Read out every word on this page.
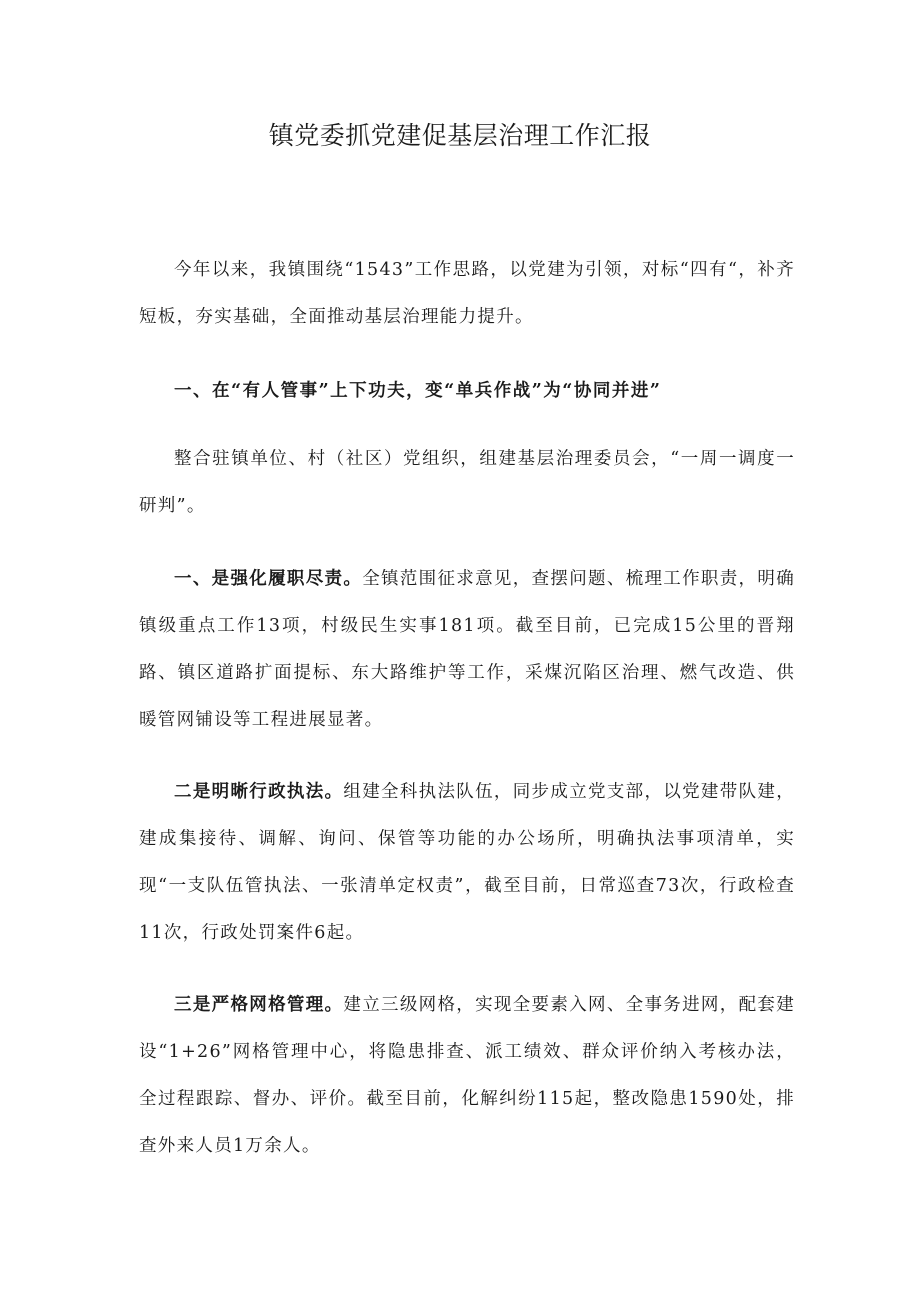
镇党委抓党建促基层治理工作汇报

今年以来，我镇围绕“1543”工作思路，以党建为引领，对标“四有“，补齐短板，夯实基础，全面推动基层治理能力提升。

一、在“有人管事”上下功夫，变“单兵作战”为“协同并进”

整合驻镇单位、村（社区）党组织，组建基层治理委员会，“一周一调度一研判”。

一、是强化履职尽责。全镇范围征求意见，查摆问题、梳理工作职责，明确镇级重点工作13项，村级民生实事181项。截至目前，已完成15公里的晋翔路、镇区道路扩面提标、东大路维护等工作，采煤沉陷区治理、燃气改造、供暖管网铺设等工程进展显著。

二是明晰行政执法。组建全科执法队伍，同步成立党支部，以党建带队建，建成集接待、调解、询问、保管等功能的办公场所，明确执法事项清单，实现“一支队伍管执法、一张清单定权责”，截至目前，日常巡查73次，行政检查11次，行政处罚案件6起。

三是严格网格管理。建立三级网格，实现全要素入网、全事务进网，配套建设“1+26”网格管理中心，将隐患排查、派工绩效、群众评价纳入考核办法，全过程跟踪、督办、评价。截至目前，化解纠纷115起，整改隐患1590处，排查外来人员1万余人。
